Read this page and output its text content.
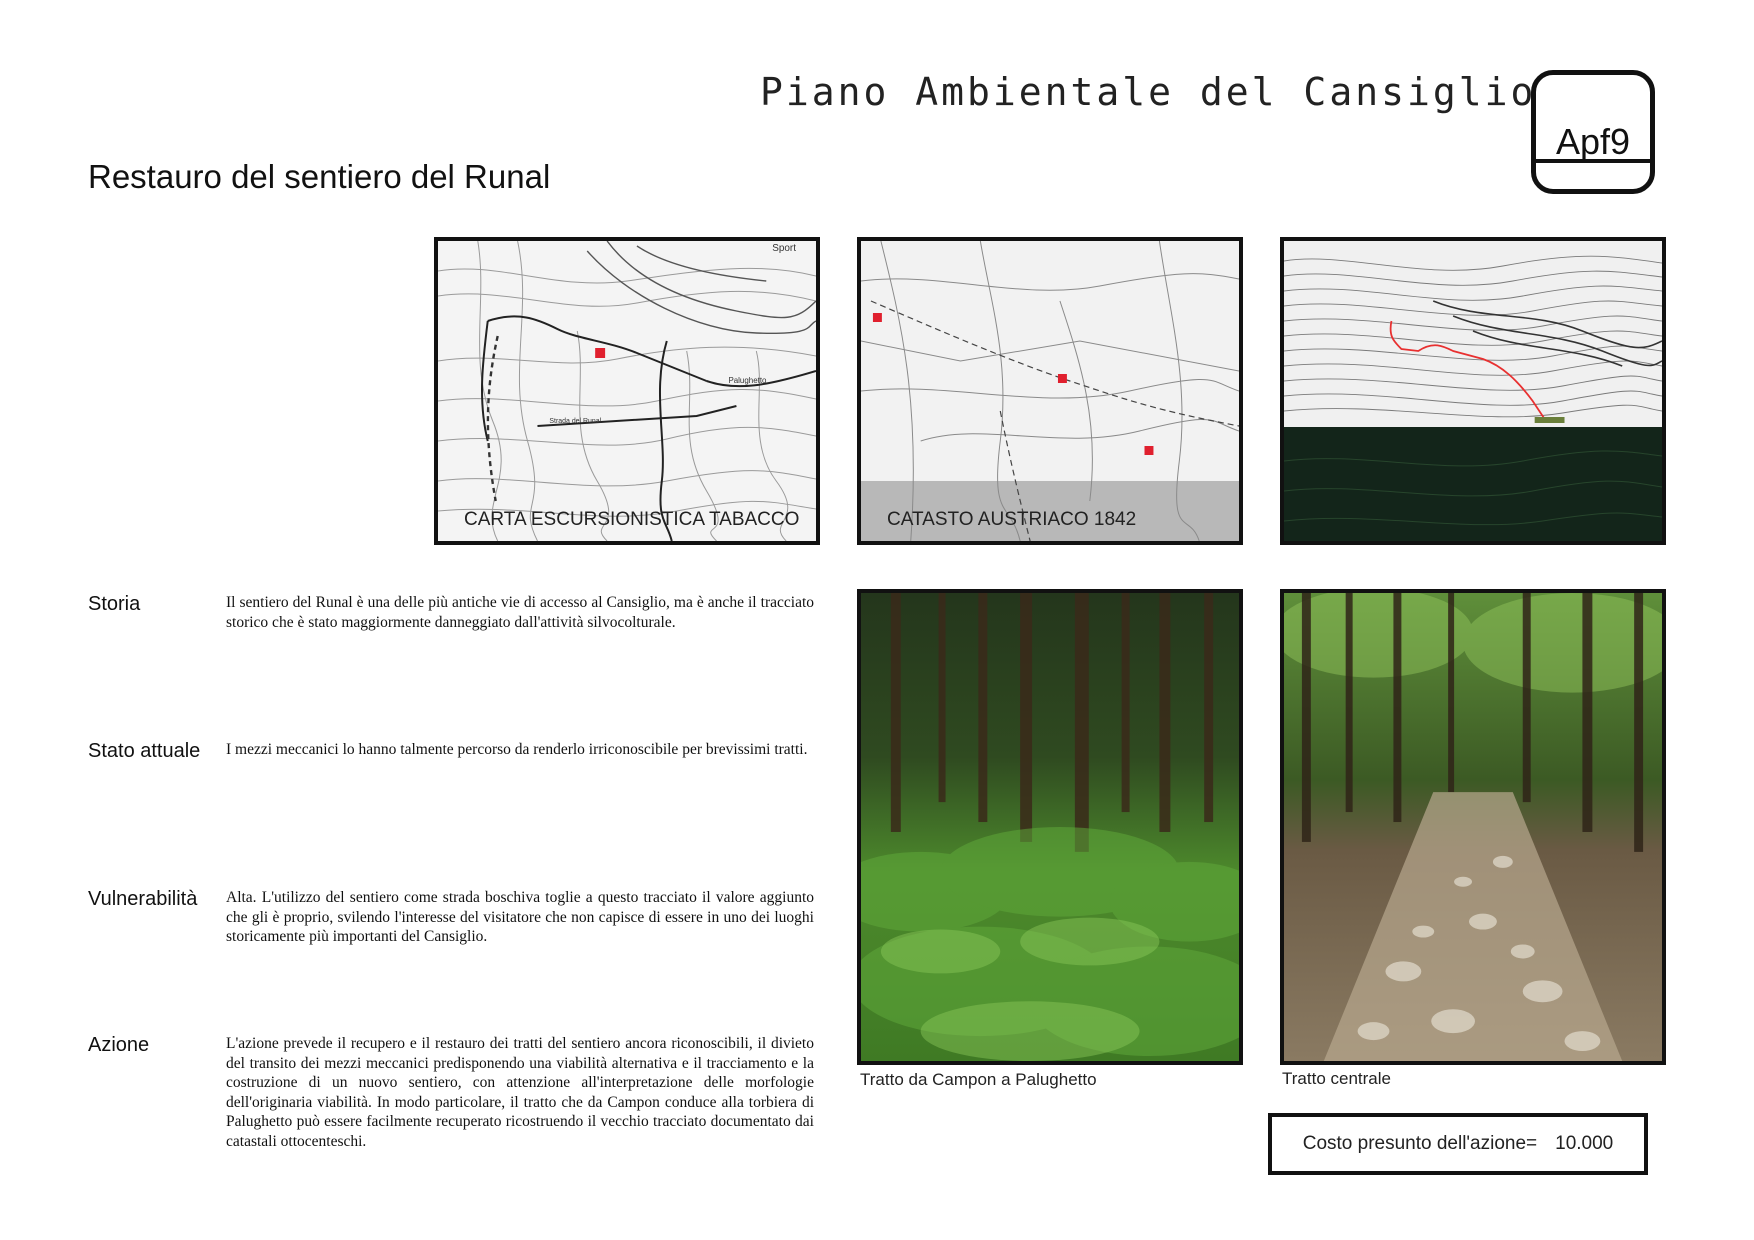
Piano Ambientale del Cansiglio
Apf9
Restauro del sentiero del Runal
Sport
Palughetto
Strada del Runal
CARTA ESCURSIONISTICA TABACCO	CATASTO AUSTRIACO 1842
Tratto da Campon a Palughetto	Tratto centrale
Storia	Il sentiero del Runal è una delle più antiche vie di accesso al Cansiglio, ma è anche il tracciato storico che è stato maggiormente danneggiato dall'attività silvocolturale.
Stato attuale I mezzi meccanici lo hanno talmente percorso da renderlo irriconoscibile per brevissimi tratti.
Vulnerabilità Alta. L'utilizzo del sentiero come strada boschiva toglie a questo tracciato il valore aggiunto che gli è proprio, svilendo l'interesse del visitatore che non capisce di essere in uno dei luoghi storicamente più importanti del Cansiglio.
Azione	L'azione prevede il recupero e il restauro dei tratti del sentiero ancora riconoscibili, il divieto del transito dei mezzi meccanici predisponendo una viabilità alternativa e il tracciamento e la costruzione di un nuovo sentiero, con attenzione all'interpretazione delle morfologie dell'originaria viabilità. In modo particolare, il tratto che da Campon conduce alla torbiera di Palughetto può essere facilmente recuperato ricostruendo il vecchio tracciato documentato dai catastali ottocenteschi.	Costo presunto dell'azione= 10.000
